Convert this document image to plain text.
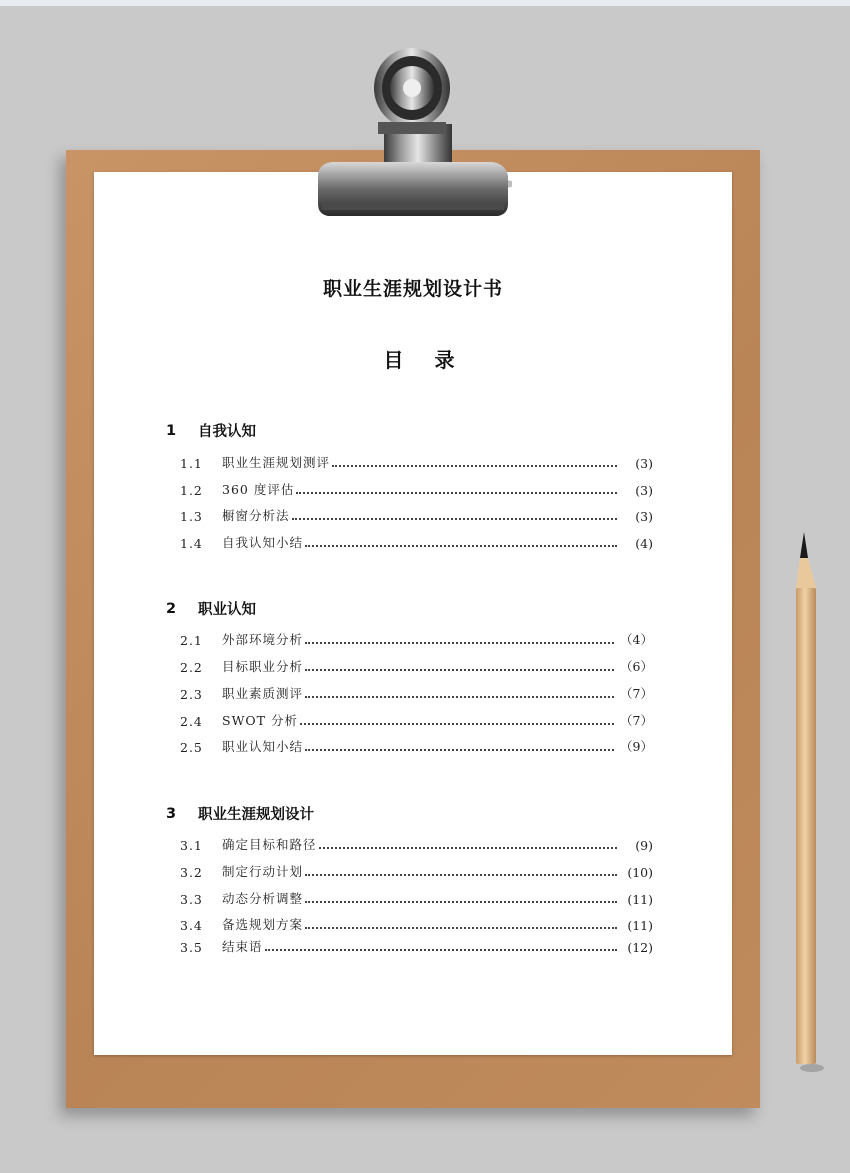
职业生涯规划设计书
目 录
1	自我认知
1.1	职业生涯规划测评	(3)
1.2	360 度评估	(3)
1.3	橱窗分析法	(3)
1.4	自我认知小结	(4)
2	职业认知
2.1	外部环境分析	（4）
2.2	目标职业分析	（6）
2.3	职业素质测评	（7）
2.4	SWOT 分析	（7）
2.5	职业认知小结	（9）
3	职业生涯规划设计
3.1	确定目标和路径	(9)
3.2	制定行动计划	(10)
3.3	动态分析调整	(11)
3.4	备选规划方案	(11)
3.5	结束语	(12)
